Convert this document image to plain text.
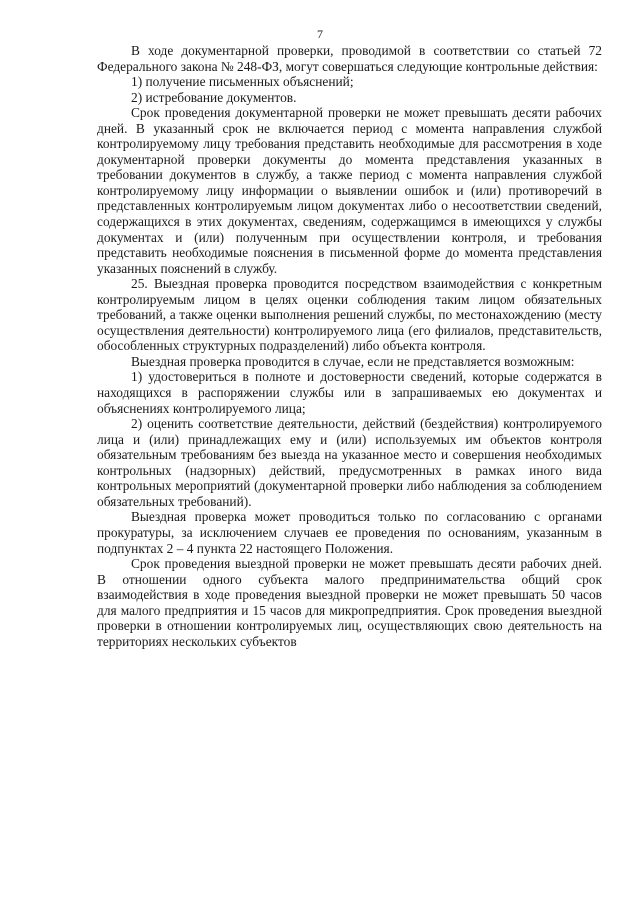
7

В ходе документарной проверки, проводимой в соответствии со статьей 72 Федерального закона № 248-ФЗ, могут совершаться следующие контрольные действия:

1) получение письменных объяснений;

2) истребование документов.

Срок проведения документарной проверки не может превышать десяти рабочих дней. В указанный срок не включается период с момента направления службой контролируемому лицу требования представить необходимые для рассмотрения в ходе документарной проверки документы до момента представления указанных в требовании документов в службу, а также период с момента направления службой контролируемому лицу информации о выявлении ошибок и (или) противоречий в представленных контролируемым лицом документах либо о несоответствии сведений, содержащихся в этих документах, сведениям, содержащимся в имеющихся у службы документах и (или) полученным при осуществлении контроля, и требования представить необходимые пояснения в письменной форме до момента представления указанных пояснений в службу.

25. Выездная проверка проводится посредством взаимодействия с конкретным контролируемым лицом в целях оценки соблюдения таким лицом обязательных требований, а также оценки выполнения решений службы, по местонахождению (месту осуществления деятельности) контролируемого лица (его филиалов, представительств, обособленных структурных подразделений) либо объекта контроля.

Выездная проверка проводится в случае, если не представляется возможным:

1) удостовериться в полноте и достоверности сведений, которые содержатся в находящихся в распоряжении службы или в запрашиваемых ею документах и объяснениях контролируемого лица;

2) оценить соответствие деятельности, действий (бездействия) контролируемого лица и (или) принадлежащих ему и (или) используемых им объектов контроля обязательным требованиям без выезда на указанное место и совершения необходимых контрольных (надзорных) действий, предусмотренных в рамках иного вида контрольных мероприятий (документарной проверки либо наблюдения за соблюдением обязательных требований).

Выездная проверка может проводиться только по согласованию с органами прокуратуры, за исключением случаев ее проведения по основаниям, указанным в подпунктах 2 – 4 пункта 22 настоящего Положения.

Срок проведения выездной проверки не может превышать десяти рабочих дней. В отношении одного субъекта малого предпринимательства общий срок взаимодействия в ходе проведения выездной проверки не может превышать 50 часов для малого предприятия и 15 часов для микропредприятия. Срок проведения выездной проверки в отношении контролируемых лиц, осуществляющих свою деятельность на территориях нескольких субъектов
